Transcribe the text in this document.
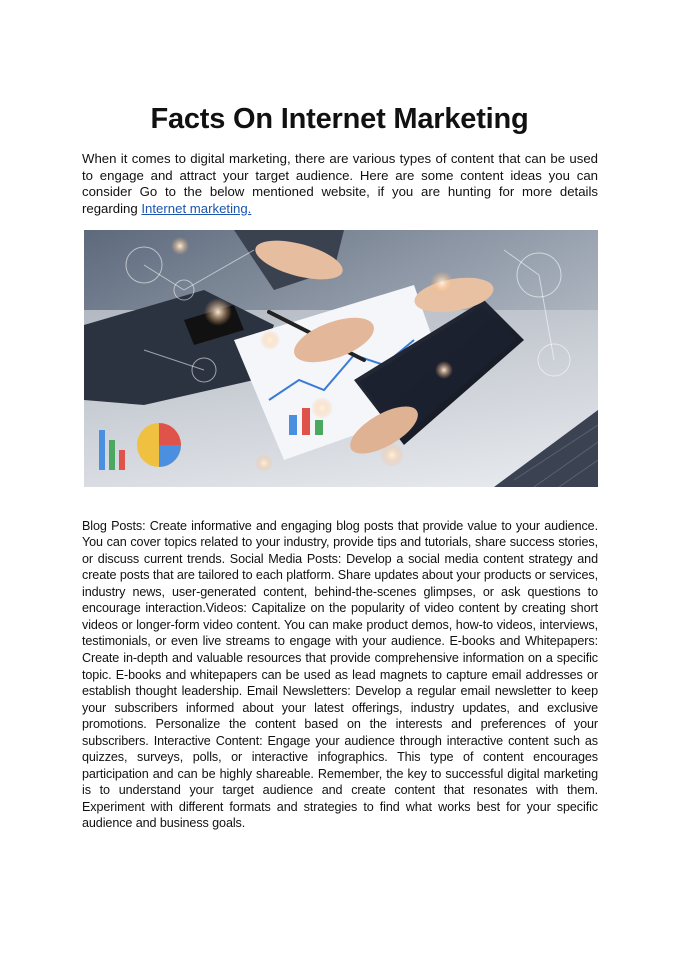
Facts On Internet Marketing

When it comes to digital marketing, there are various types of content that can be used to engage and attract your target audience. Here are some content ideas you can consider Go to the below mentioned website, if you are hunting for more details regarding Internet marketing.

Blog Posts: Create informative and engaging blog posts that provide value to your audience. You can cover topics related to your industry, provide tips and tutorials, share success stories, or discuss current trends. Social Media Posts: Develop a social media content strategy and create posts that are tailored to each platform. Share updates about your products or services, industry news, user-generated content, behind-the-scenes glimpses, or ask questions to encourage interaction.Videos: Capitalize on the popularity of video content by creating short videos or longer-form video content. You can make product demos, how-to videos, interviews, testimonials, or even live streams to engage with your audience. E-books and Whitepapers: Create in-depth and valuable resources that provide comprehensive information on a specific topic. E-books and whitepapers can be used as lead magnets to capture email addresses or establish thought leadership. Email Newsletters: Develop a regular email newsletter to keep your subscribers informed about your latest offerings, industry updates, and exclusive promotions. Personalize the content based on the interests and preferences of your subscribers. Interactive Content: Engage your audience through interactive content such as quizzes, surveys, polls, or interactive infographics. This type of content encourages participation and can be highly shareable. Remember, the key to successful digital marketing is to understand your target audience and create content that resonates with them. Experiment with different formats and strategies to find what works best for your specific audience and business goals.
